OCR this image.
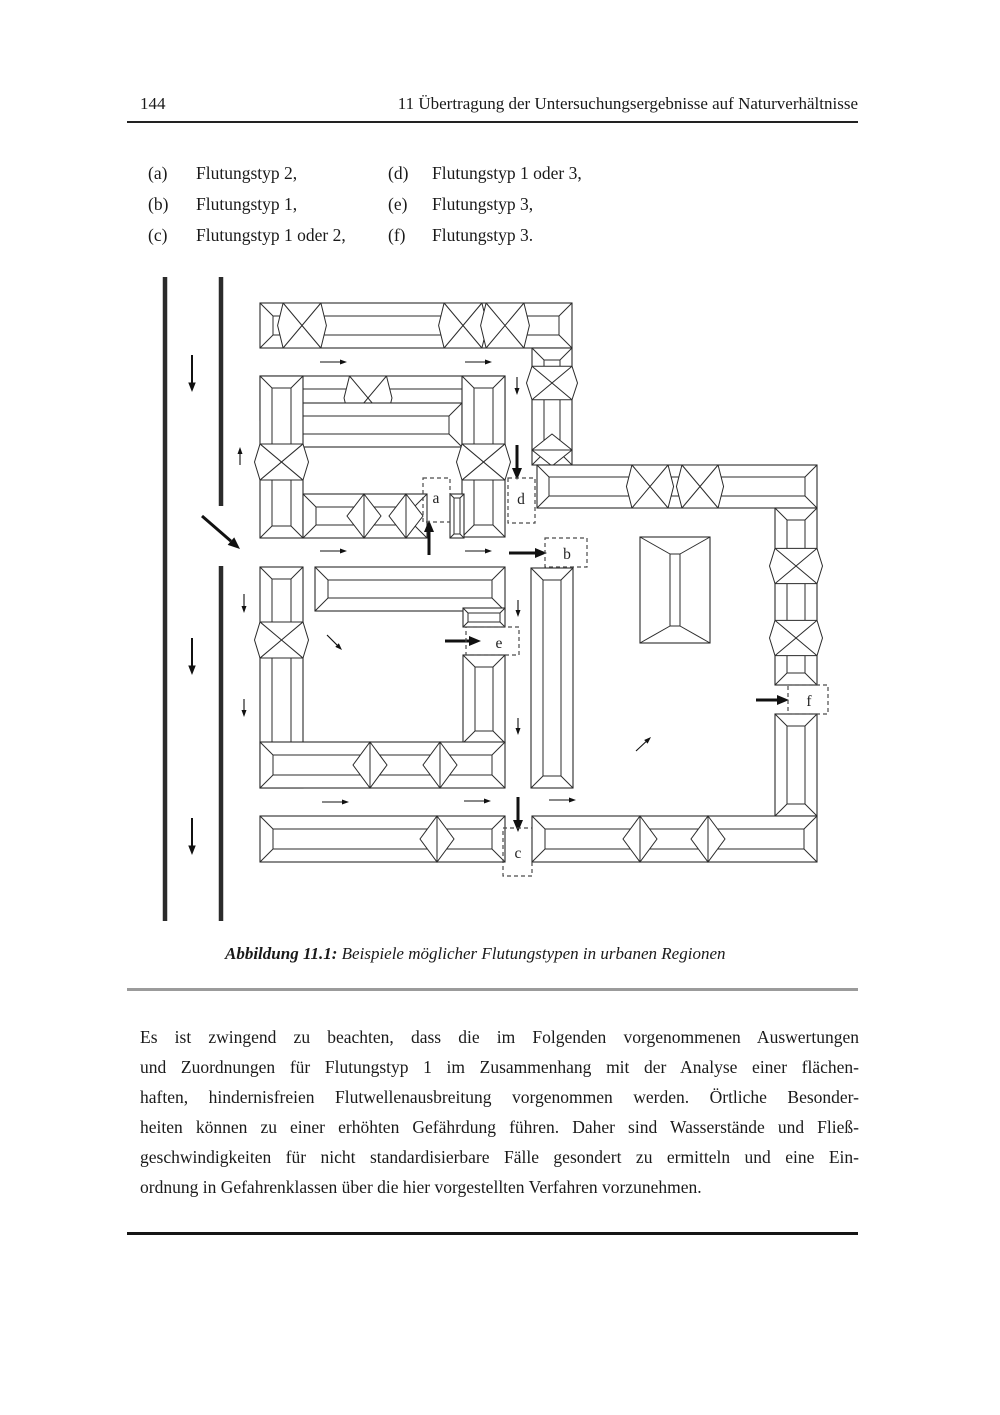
144	11 Übertragung der Untersuchungsergebnisse auf Naturverhältnisse
(a) Flutungstyp 2,	(d) Flutungstyp 1 oder 3,
(b) Flutungstyp 1,	(e) Flutungstyp 3,
(c) Flutungstyp 1 oder 2, (f) Flutungstyp 3.
a	d
b
e
f
c
Abbildung 11.1: Beispiele möglicher Flutungstypen in urbanen Regionen
Es ist zwingend zu beachten, dass die im Folgenden vorgenommenen Auswertungen
und Zuordnungen für Flutungstyp 1 im Zusammenhang mit der Analyse einer flächen-
haften, hindernisfreien Flutwellenausbreitung vorgenommen werden. Örtliche Besonder-
heiten können zu einer erhöhten Gefährdung führen. Daher sind Wasserstände und Fließ-
geschwindigkeiten für nicht standardisierbare Fälle gesondert zu ermitteln und eine Ein-
ordnung in Gefahrenklassen über die hier vorgestellten Verfahren vorzunehmen.
